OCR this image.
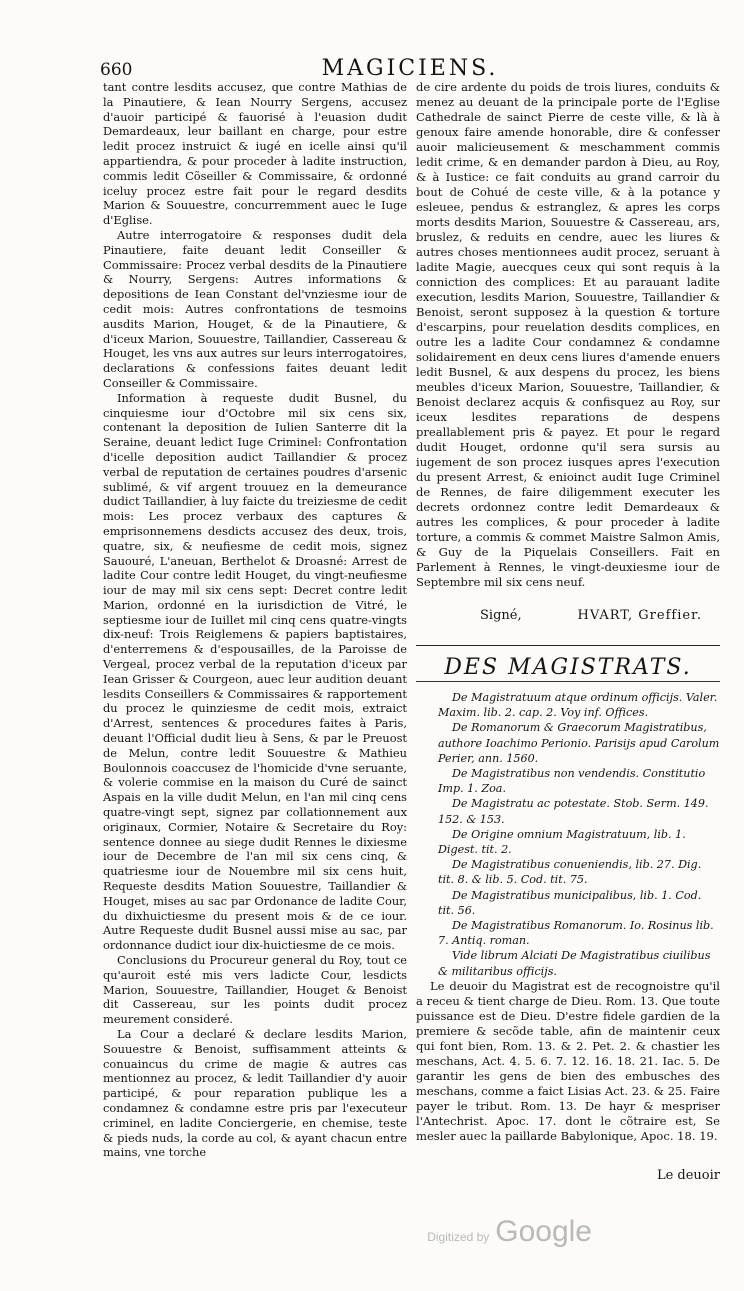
660	MAGICIENS.

tant contre lesdits accusez, que contre Mathias de la Pinautiere, & Iean Nourry Sergens, accusez d'auoir participé & fauorisé à l'euasion dudit Demardeaux, leur baillant en charge, pour estre ledit procez instruict & iugé en icelle ainsi qu'il appartiendra, & pour proceder à ladite instruction, commis ledit Cõseiller & Commissaire, & ordonné iceluy procez estre fait pour le regard desdits Marion & Souuestre, concurremment auec le Iuge d'Eglise.

Autre interrogatoire & responses dudit dela Pinautiere, faite deuant ledit Conseiller & Commissaire: Procez verbal desdits de la Pinautiere & Nourry, Sergens: Autres informations & depositions de Iean Constant del'vnziesme iour de cedit mois: Autres confrontations de tesmoins ausdits Marion, Houget, & de la Pinautiere, & d'iceux Marion, Souuestre, Taillandier, Cassereau & Houget, les vns aux autres sur leurs interrogatoires, declarations & confessions faites deuant ledit Conseiller & Commissaire.

Information à requeste dudit Busnel, du cinquiesme iour d'Octobre mil six cens six, contenant la deposition de Iulien Santerre dit la Seraine, deuant ledict Iuge Criminel: Confrontation d'icelle deposition audict Taillandier & procez verbal de reputation de certaines poudres d'arsenic sublimé, & vif argent trouuez en la demeurance dudict Taillandier, à luy faicte du treiziesme de cedit mois: Les procez verbaux des captures & emprisonnemens desdicts accusez des deux, trois, quatre, six, & neufiesme de cedit mois, signez Sauouré, L'aneuan, Berthelot & Droasné: Arrest de ladite Cour contre ledit Houget, du vingt-neufiesme iour de may mil six cens sept: Decret contre ledit Marion, ordonné en la iurisdiction de Vitré, le septiesme iour de Iuillet mil cinq cens quatre-vingts dix-neuf: Trois Reiglemens & papiers baptistaires, d'enterremens & d'espousailles, de la Paroisse de Vergeal, procez verbal de la reputation d'iceux par Iean Grisser & Courgeon, auec leur audition deuant lesdits Conseillers & Commissaires & rapportement du procez le quinziesme de cedit mois, extraict d'Arrest, sentences & procedures faites à Paris, deuant l'Official dudit lieu à Sens, & par le Preuost de Melun, contre ledit Souuestre & Mathieu Boulonnois coaccusez de l'homicide d'vne seruante, & volerie commise en la maison du Curé de sainct Aspais en la ville dudit Melun, en l'an mil cinq cens quatre-vingt sept, signez par collationnement aux originaux, Cormier, Notaire & Secretaire du Roy: sentence donnee au siege dudit Rennes le dixiesme iour de Decembre de l'an mil six cens cinq, & quatriesme iour de Nouembre mil six cens huit, Requeste desdits Mation Souuestre, Taillandier & Houget, mises au sac par Ordonance de ladite Cour, du dixhuictiesme du present mois & de ce iour. Autre Requeste dudit Busnel aussi mise au sac, par ordonnance dudict iour dix-huictiesme de ce mois.

Conclusions du Procureur general du Roy, tout ce qu'auroit esté mis vers ladicte Cour, lesdicts Marion, Souuestre, Taillandier, Houget & Benoist dit Cassereau, sur les points dudit procez meurement consideré.

La Cour a declaré & declare lesdits Marion, Souuestre & Benoist, suffisamment atteints & conuaincus du crime de magie & autres cas mentionnez au procez, & ledit Taillandier d'y auoir participé, & pour reparation publique les a condamnez & condamne estre pris par l'executeur criminel, en ladite Conciergerie, en chemise, teste & pieds nuds, la corde au col, & ayant chacun entre mains, vne torche

de cire ardente du poids de trois liures, conduits & menez au deuant de la principale porte de l'Eglise Cathedrale de sainct Pierre de ceste ville, & là à genoux faire amende honorable, dire & confesser auoir malicieusement & meschamment commis ledit crime, & en demander pardon à Dieu, au Roy, & à Iustice: ce fait conduits au grand carroir du bout de Cohué de ceste ville, & à la potance y esleuee, pendus & estranglez, & apres les corps morts desdits Marion, Souuestre & Cassereau, ars, bruslez, & reduits en cendre, auec les liures & autres choses mentionnees audit procez, seruant à ladite Magie, auecques ceux qui sont requis à la conniction des complices: Et au parauant ladite execution, lesdits Marion, Souuestre, Taillandier & Benoist, seront supposez à la question & torture d'escarpins, pour reuelation desdits complices, en outre les a ladite Cour condamnez & condamne solidairement en deux cens liures d'amende enuers ledit Busnel, & aux despens du procez, les biens meubles d'iceux Marion, Souuestre, Taillandier, & Benoist declarez acquis & confisquez au Roy, sur iceux lesdites reparations de despens preallablement pris & payez. Et pour le regard dudit Houget, ordonne qu'il sera sursis au iugement de son procez iusques apres l'execution du present Arrest, & enioinct audit Iuge Criminel de Rennes, de faire diligemment executer les decrets ordonnez contre ledit Demardeaux & autres les complices, & pour proceder à ladite torture, a commis & commet Maistre Salmon Amis, & Guy de la Piquelais Conseillers. Fait en Parlement à Rennes, le vingt-deuxiesme iour de Septembre mil six cens neuf.

Signé,	HVART, Greffier.
DES MAGISTRATS.

De Magistratuum atque ordinum officijs. Valer. Maxim. lib. 2. cap. 2. Voy inf. Offices.

De Romanorum & Graecorum Magistratibus, authore Ioachimo Perionio. Parisijs apud Carolum Perier, ann. 1560.

De Magistratibus non vendendis. Constitutio Imp. 1. Zoa.

De Magistratu ac potestate. Stob. Serm. 149. 152. & 153.

De Origine omnium Magistratuum, lib. 1. Digest. tit. 2.

De Magistratibus conueniendis, lib. 27. Dig. tit. 8. & lib. 5. Cod. tit. 75.

De Magistratibus municipalibus, lib. 1. Cod. tit. 56.

De Magistratibus Romanorum. Io. Rosinus lib. 7. Antiq. roman.

Vide librum Alciati De Magistratibus ciuilibus & militaribus officijs.

Le deuoir du Magistrat est de recognoistre qu'il a receu & tient charge de Dieu. Rom. 13. Que toute puissance est de Dieu. D'estre fidele gardien de la premiere & secõde table, afin de maintenir ceux qui font bien, Rom. 13. & 2. Pet. 2. & chastier les meschans, Act. 4. 5. 6. 7. 12. 16. 18. 21. Iac. 5. De garantir les gens de bien des embusches des meschans, comme a faict Lisias Act. 23. & 25. Faire payer le tribut. Rom. 13. De hayr & mespriser l'Antechrist. Apoc. 17. dont le cõtraire est, Se mesler auec la paillarde Babylonique, Apoc. 18. 19.

Le deuoir
Digitized by Google
